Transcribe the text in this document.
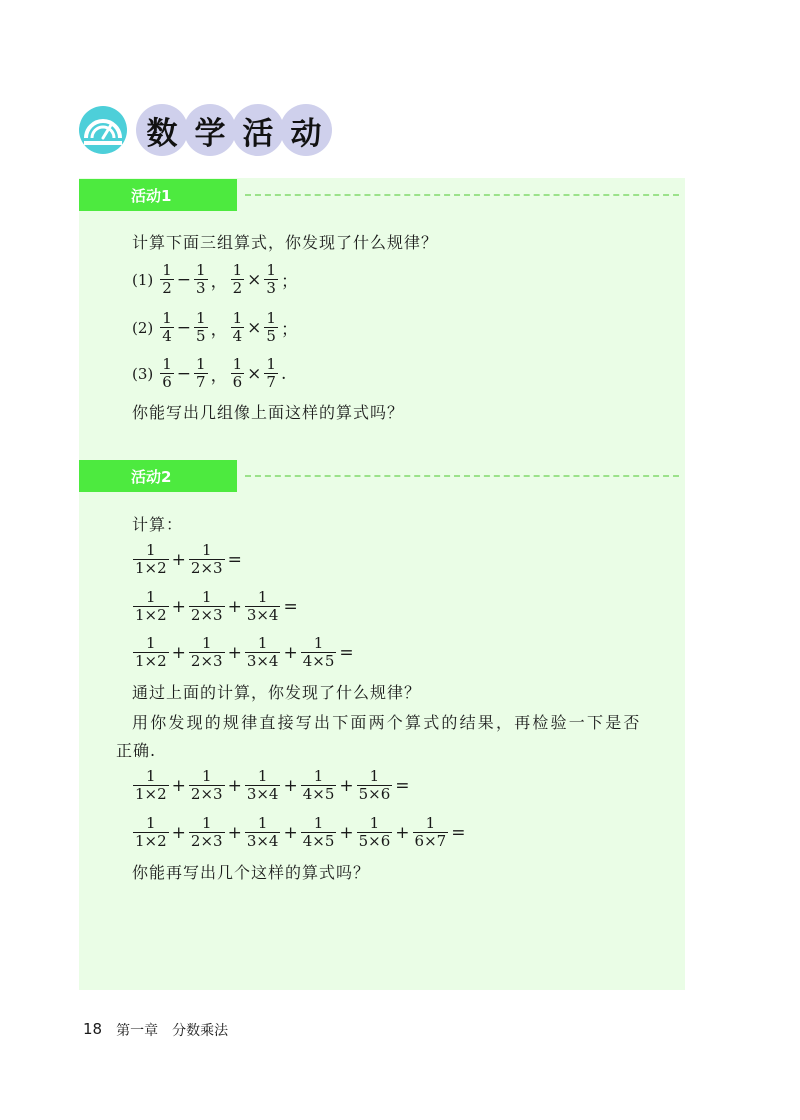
数 学 活 动
活动1
计算下面三组算式，你发现了什么规律？
$(1) \frac{1}{2} - \frac{1}{3}$ ， $\frac{1}{2} \times \frac{1}{3}$ ；
$(2) \frac{1}{4} - \frac{1}{5}$ ， $\frac{1}{4} \times \frac{1}{5}$ ；
$(3) \frac{1}{6} - \frac{1}{7}$ ， $\frac{1}{6} \times \frac{1}{7}$ .
你能写出几组像上面这样的算式吗？
活动2
计算：
$\frac{1}{1\times 2} + \frac{1}{2\times 3}$ =
$\frac{1}{1\times 2} + \frac{1}{2\times 3} + \frac{1}{3\times 4}$ =
$\frac{1}{1\times 2} + \frac{1}{2\times 3} + \frac{1}{3\times 4} + \frac{1}{4\times 5}$ =
通过上面的计算，你发现了什么规律？
用你发现的规律直接写出下面两个算式的结果，再检验一下是否
正确.
$\frac{1}{1\times 2} + \frac{1}{2\times 3} + \frac{1}{3\times 4} + \frac{1}{4\times 5} + \frac{1}{5\times 6}$ =
$\frac{1}{1\times 2} + \frac{1}{2\times 3} + \frac{1}{3\times 4} + \frac{1}{4\times 5} + \frac{1}{5\times 6} + \frac{1}{6\times 7}$ =
你能再写出几个这样的算式吗？
18 第一章 分数乘法
